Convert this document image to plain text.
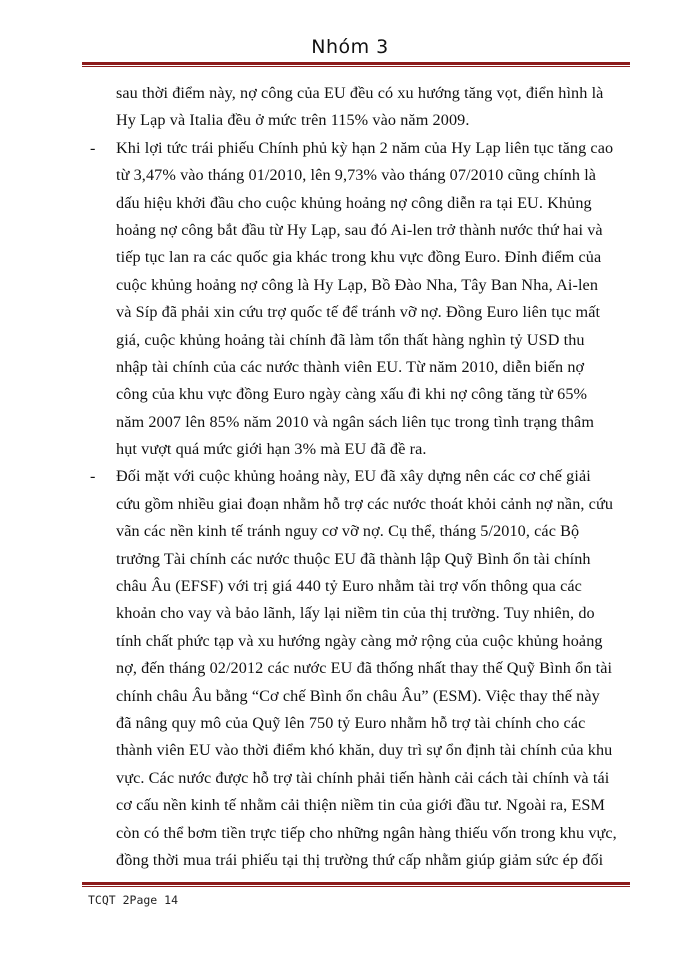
Nhóm 3
sau thời điểm này, nợ công của EU đều có xu hướng tăng vọt, điển hình là
Hy Lạp và Italia đều ở mức trên 115% vào năm 2009.
-	Khi lợi tức trái phiếu Chính phủ kỳ hạn 2 năm của Hy Lạp liên tục tăng cao
từ 3,47% vào tháng 01/2010, lên 9,73% vào tháng 07/2010 cũng chính là
dấu hiệu khởi đầu cho cuộc khủng hoảng nợ công diễn ra tại EU. Khủng
hoảng nợ công bắt đầu từ Hy Lạp, sau đó Ai-len trở thành nước thứ hai và
tiếp tục lan ra các quốc gia khác trong khu vực đồng Euro. Đỉnh điểm của
cuộc khủng hoảng nợ công là Hy Lạp, Bồ Đào Nha, Tây Ban Nha, Ai-len
và Síp đã phải xin cứu trợ quốc tế để tránh vỡ nợ. Đồng Euro liên tục mất
giá, cuộc khủng hoảng tài chính đã làm tổn thất hàng nghìn tỷ USD thu
nhập tài chính của các nước thành viên EU. Từ năm 2010, diễn biến nợ
công của khu vực đồng Euro ngày càng xấu đi khi nợ công tăng từ 65%
năm 2007 lên 85% năm 2010 và ngân sách liên tục trong tình trạng thâm
hụt vượt quá mức giới hạn 3% mà EU đã đề ra.
-	Đối mặt với cuộc khủng hoảng này, EU đã xây dựng nên các cơ chế giải
cứu gồm nhiều giai đoạn nhằm hỗ trợ các nước thoát khỏi cảnh nợ nần, cứu
vãn các nền kinh tế tránh nguy cơ vỡ nợ. Cụ thể, tháng 5/2010, các Bộ
trưởng Tài chính các nước thuộc EU đã thành lập Quỹ Bình ổn tài chính
châu Âu (EFSF) với trị giá 440 tỷ Euro nhằm tài trợ vốn thông qua các
khoản cho vay và bảo lãnh, lấy lại niềm tin của thị trường. Tuy nhiên, do
tính chất phức tạp và xu hướng ngày càng mở rộng của cuộc khủng hoảng
nợ, đến tháng 02/2012 các nước EU đã thống nhất thay thế Quỹ Bình ổn tài
chính châu Âu bằng “Cơ chế Bình ổn châu Âu” (ESM). Việc thay thế này
đã nâng quy mô của Quỹ lên 750 tỷ Euro nhằm hỗ trợ tài chính cho các
thành viên EU vào thời điểm khó khăn, duy trì sự ổn định tài chính của khu
vực. Các nước được hỗ trợ tài chính phải tiến hành cải cách tài chính và tái
cơ cấu nền kinh tế nhằm cải thiện niềm tin của giới đầu tư. Ngoài ra, ESM
còn có thể bơm tiền trực tiếp cho những ngân hàng thiếu vốn trong khu vực,
đồng thời mua trái phiếu tại thị trường thứ cấp nhằm giúp giảm sức ép đối
TCQT 2Page 14
